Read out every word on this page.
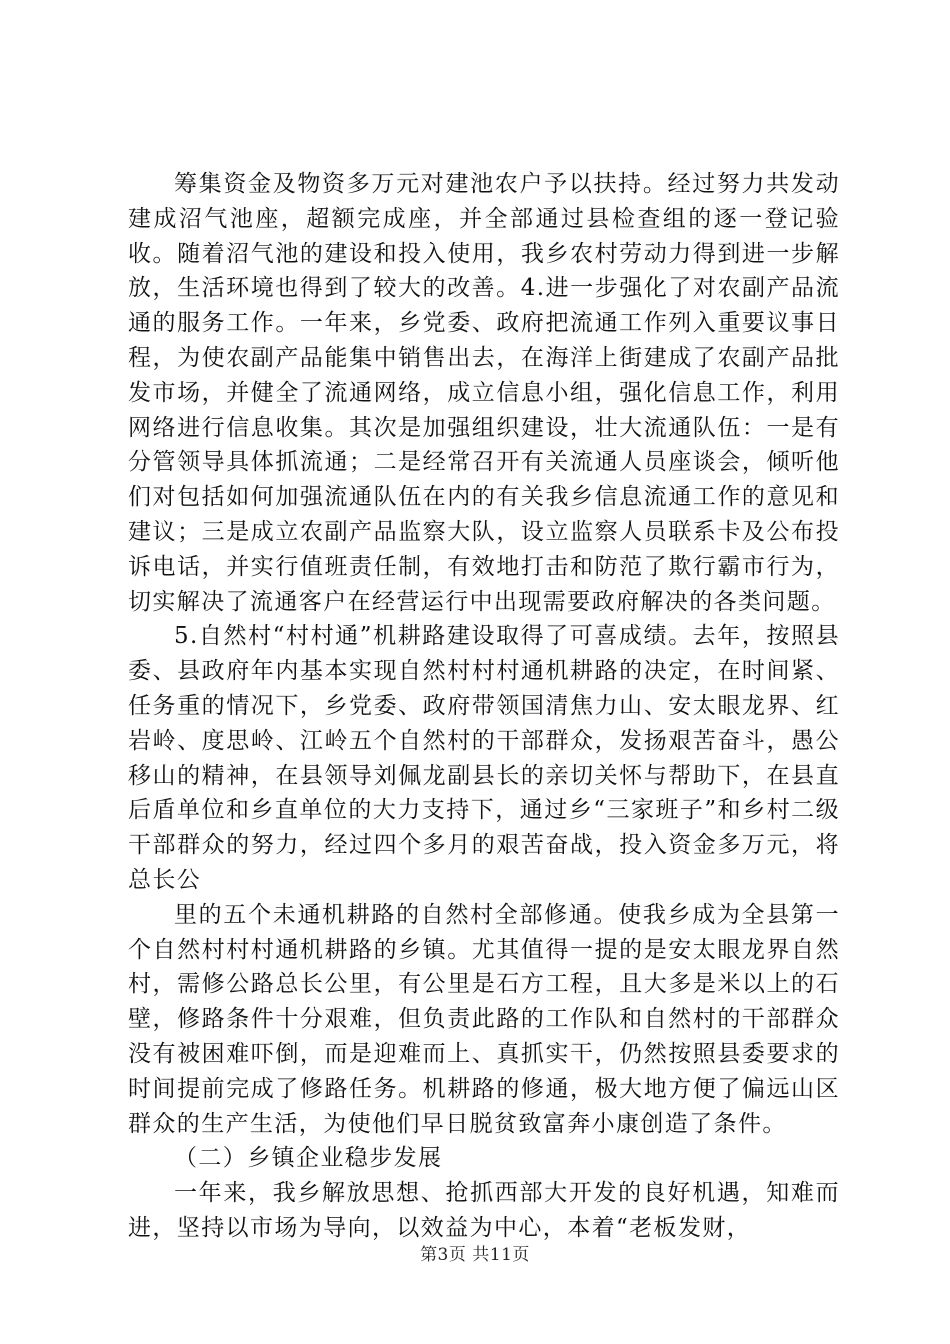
筹集资金及物资多万元对建池农户予以扶持。经过努力共发动建成沼气池座，超额完成座，并全部通过县检查组的逐一登记验收。随着沼气池的建设和投入使用，我乡农村劳动力得到进一步解放，生活环境也得到了较大的改善。4.进一步强化了对农副产品流通的服务工作。一年来，乡党委、政府把流通工作列入重要议事日程，为使农副产品能集中销售出去，在海洋上街建成了农副产品批发市场，并健全了流通网络，成立信息小组，强化信息工作，利用网络进行信息收集。其次是加强组织建设，壮大流通队伍：一是有分管领导具体抓流通；二是经常召开有关流通人员座谈会，倾听他们对包括如何加强流通队伍在内的有关我乡信息流通工作的意见和建议；三是成立农副产品监察大队，设立监察人员联系卡及公布投诉电话，并实行值班责任制，有效地打击和防范了欺行霸市行为，切实解决了流通客户在经营运行中出现需要政府解决的各类问题。

5.自然村“村村通”机耕路建设取得了可喜成绩。去年，按照县委、县政府年内基本实现自然村村村通机耕路的决定，在时间紧、任务重的情况下，乡党委、政府带领国清焦力山、安太眼龙界、红岩岭、度思岭、江岭五个自然村的干部群众，发扬艰苦奋斗，愚公移山的精神，在县领导刘佩龙副县长的亲切关怀与帮助下，在县直后盾单位和乡直单位的大力支持下，通过乡“三家班子”和乡村二级干部群众的努力，经过四个多月的艰苦奋战，投入资金多万元，将总长公

里的五个未通机耕路的自然村全部修通。使我乡成为全县第一个自然村村村通机耕路的乡镇。尤其值得一提的是安太眼龙界自然村，需修公路总长公里，有公里是石方工程，且大多是米以上的石壁，修路条件十分艰难，但负责此路的工作队和自然村的干部群众没有被困难吓倒，而是迎难而上、真抓实干，仍然按照县委要求的时间提前完成了修路任务。机耕路的修通，极大地方便了偏远山区群众的生产生活，为使他们早日脱贫致富奔小康创造了条件。

（二）乡镇企业稳步发展

一年来，我乡解放思想、抢抓西部大开发的良好机遇，知难而进，坚持以市场为导向，以效益为中心，本着“老板发财，

第3页 共11页
